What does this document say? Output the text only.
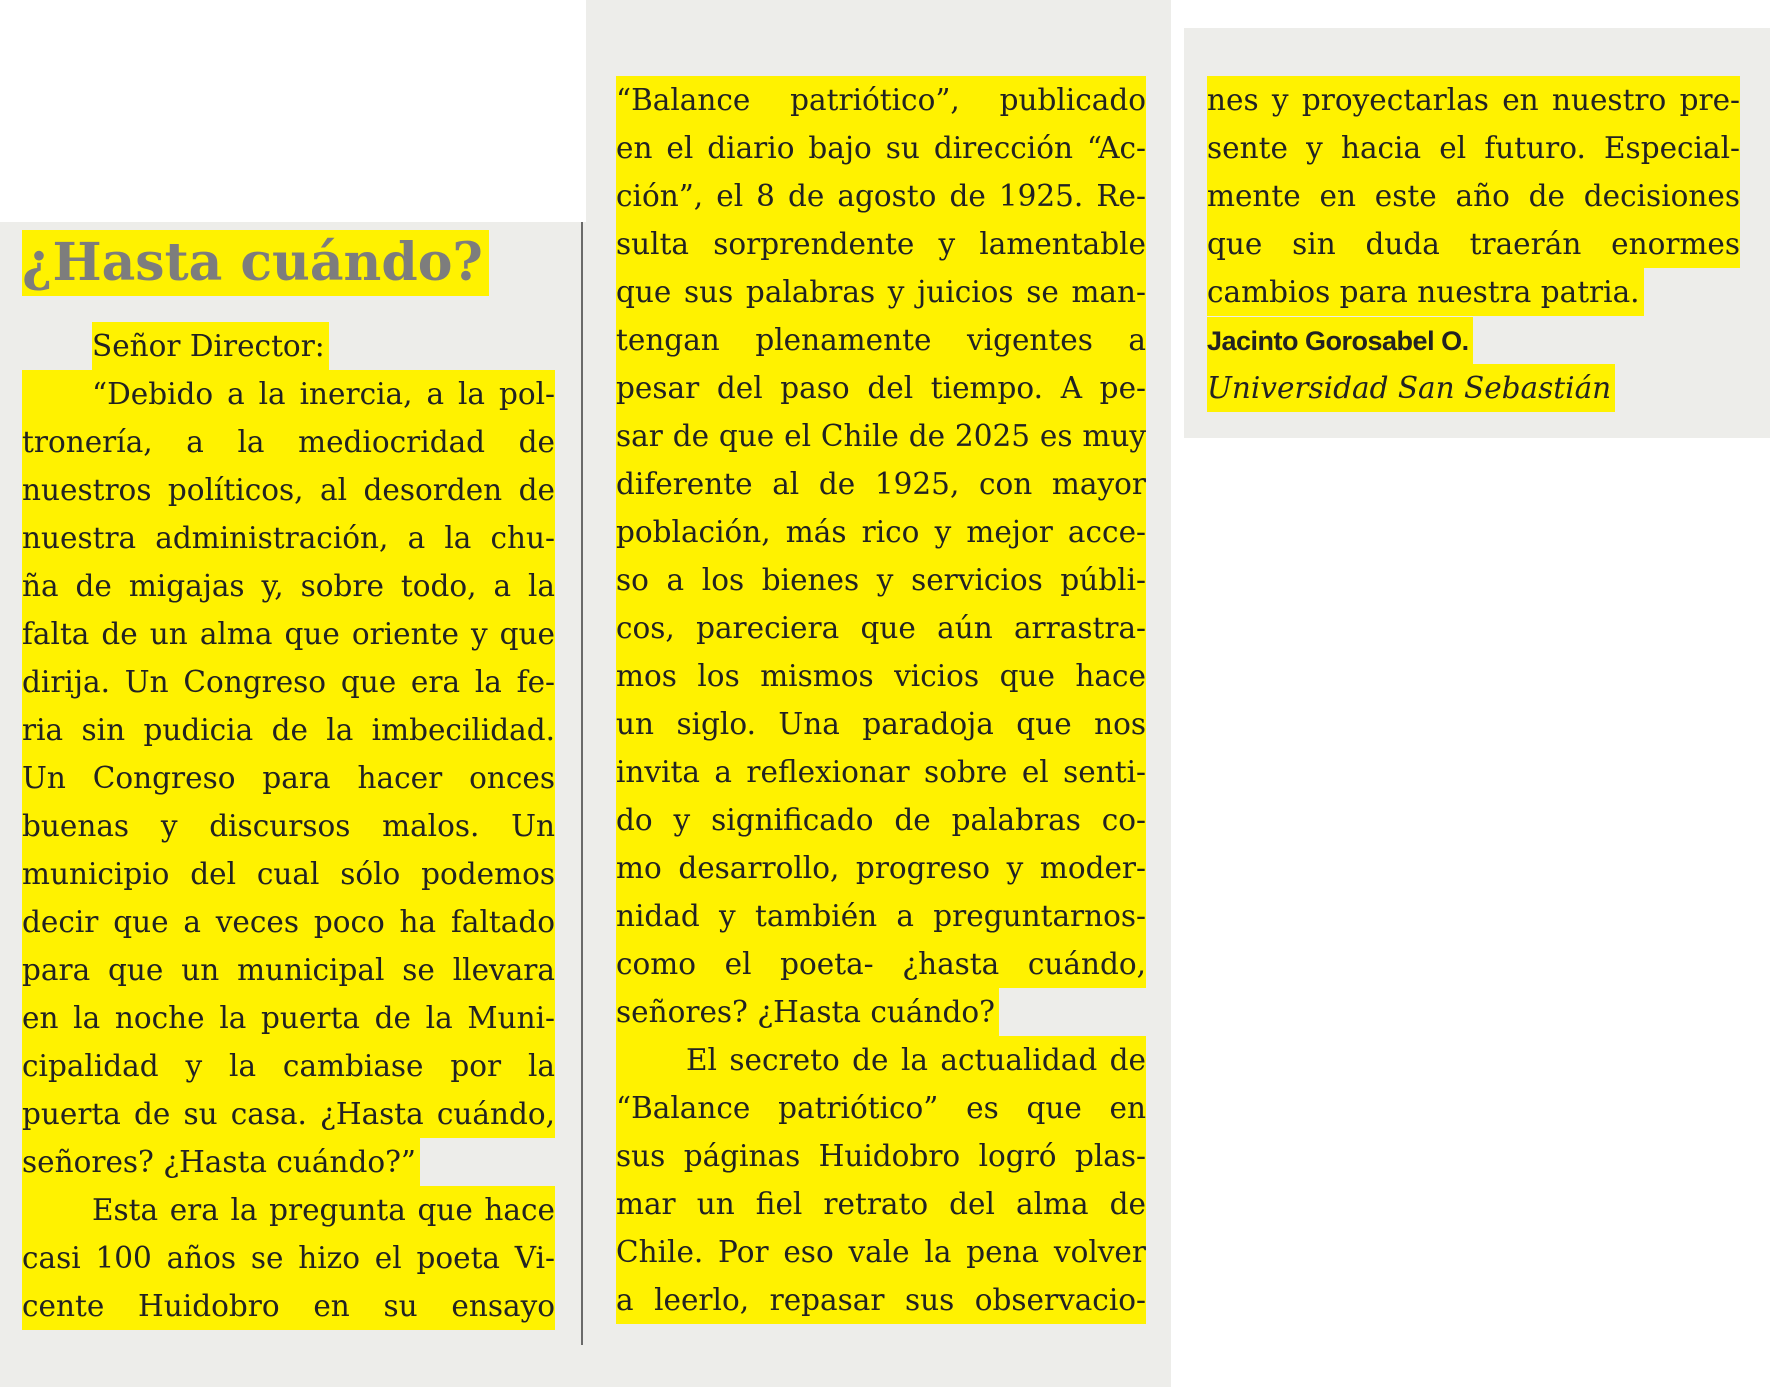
¿Hasta cuándo?
Señor Director:
“Debido a la inercia, a la pol-
tronería, a la mediocridad de
nuestros políticos, al desorden de
nuestra administración, a la chu-
ña de migajas y, sobre todo, a la
falta de un alma que oriente y que
dirija. Un Congreso que era la fe-
ria sin pudicia de la imbecilidad.
Un Congreso para hacer onces
buenas y discursos malos. Un
municipio del cual sólo podemos
decir que a veces poco ha faltado
para que un municipal se llevara
en la noche la puerta de la Muni-
cipalidad y la cambiase por la
puerta de su casa. ¿Hasta cuándo,
señores? ¿Hasta cuándo?”
Esta era la pregunta que hace
casi 100 años se hizo el poeta Vi-
cente Huidobro en su ensayo
“Balance patriótico”, publicado
en el diario bajo su dirección “Ac-
ción”, el 8 de agosto de 1925. Re-
sulta sorprendente y lamentable
que sus palabras y juicios se man-
tengan plenamente vigentes a
pesar del paso del tiempo. A pe-
sar de que el Chile de 2025 es muy
diferente al de 1925, con mayor
población, más rico y mejor acce-
so a los bienes y servicios públi-
cos, pareciera que aún arrastra-
mos los mismos vicios que hace
un siglo. Una paradoja que nos
invita a reflexionar sobre el senti-
do y significado de palabras co-
mo desarrollo, progreso y moder-
nidad y también a preguntarnos-
como el poeta- ¿hasta cuándo,
señores? ¿Hasta cuándo?
El secreto de la actualidad de
“Balance patriótico” es que en
sus páginas Huidobro logró plas-
mar un fiel retrato del alma de
Chile. Por eso vale la pena volver
a leerlo, repasar sus observacio-
nes y proyectarlas en nuestro pre-
sente y hacia el futuro. Especial-
mente en este año de decisiones
que sin duda traerán enormes
cambios para nuestra patria.
Jacinto Gorosabel O.
Universidad San Sebastián
